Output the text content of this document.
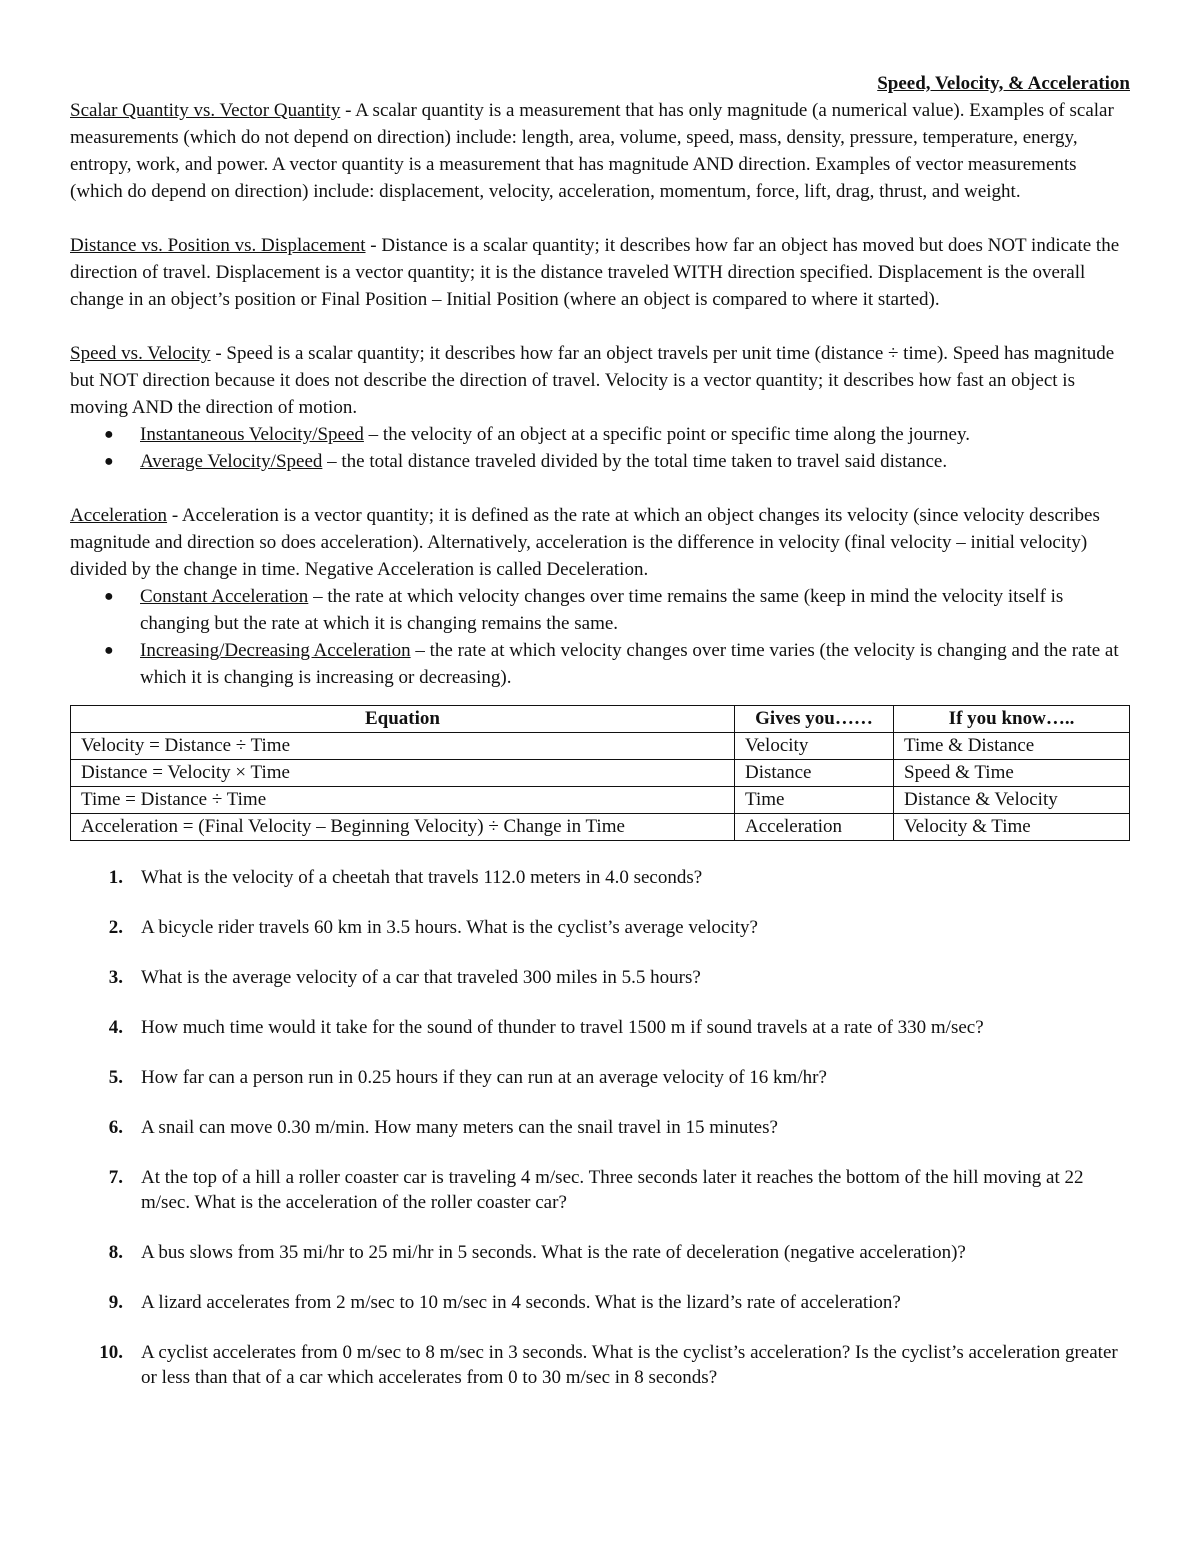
Speed, Velocity, & Acceleration

Scalar Quantity vs. Vector Quantity - A scalar quantity is a measurement that has only magnitude (a numerical value). Examples of scalar measurements (which do not depend on direction) include: length, area, volume, speed, mass, density, pressure, temperature, energy, entropy, work, and power. A vector quantity is a measurement that has magnitude AND direction. Examples of vector measurements (which do depend on direction) include: displacement, velocity, acceleration, momentum, force, lift, drag, thrust, and weight.

Distance vs. Position vs. Displacement - Distance is a scalar quantity; it describes how far an object has moved but does NOT indicate the direction of travel. Displacement is a vector quantity; it is the distance traveled WITH direction specified. Displacement is the overall change in an object’s position or Final Position – Initial Position (where an object is compared to where it started).

Speed vs. Velocity - Speed is a scalar quantity; it describes how far an object travels per unit time (distance ÷ time). Speed has magnitude but NOT direction because it does not describe the direction of travel. Velocity is a vector quantity; it describes how fast an object is moving AND the direction of motion.

● Instantaneous Velocity/Speed – the velocity of an object at a specific point or specific time along the journey.
● Average Velocity/Speed – the total distance traveled divided by the total time taken to travel said distance.

Acceleration - Acceleration is a vector quantity; it is defined as the rate at which an object changes its velocity (since velocity describes magnitude and direction so does acceleration). Alternatively, acceleration is the difference in velocity (final velocity – initial velocity) divided by the change in time. Negative Acceleration is called Deceleration.

● Constant Acceleration – the rate at which velocity changes over time remains the same (keep in mind the velocity itself is changing but the rate at which it is changing remains the same.
● Increasing/Decreasing Acceleration – the rate at which velocity changes over time varies (the velocity is changing and the rate at which it is changing is increasing or decreasing).
Equation	Gives you……	If you know…..
Velocity = Distance ÷ Time	Velocity	Time & Distance
Distance = Velocity × Time	Distance	Speed & Time
Time = Distance ÷ Time	Time	Distance & Velocity
Acceleration = (Final Velocity – Beginning Velocity) ÷ Change in Time	Acceleration	Velocity & Time
1. What is the velocity of a cheetah that travels 112.0 meters in 4.0 seconds?
2. A bicycle rider travels 60 km in 3.5 hours. What is the cyclist’s average velocity?
3. What is the average velocity of a car that traveled 300 miles in 5.5 hours?
4. How much time would it take for the sound of thunder to travel 1500 m if sound travels at a rate of 330 m/sec?
5. How far can a person run in 0.25 hours if they can run at an average velocity of 16 km/hr?
6. A snail can move 0.30 m/min. How many meters can the snail travel in 15 minutes?
7. At the top of a hill a roller coaster car is traveling 4 m/sec. Three seconds later it reaches the bottom of the hill moving at 22 m/sec. What is the acceleration of the roller coaster car?
8. A bus slows from 35 mi/hr to 25 mi/hr in 5 seconds. What is the rate of deceleration (negative acceleration)?
9. A lizard accelerates from 2 m/sec to 10 m/sec in 4 seconds. What is the lizard’s rate of acceleration?
10. A cyclist accelerates from 0 m/sec to 8 m/sec in 3 seconds. What is the cyclist’s acceleration? Is the cyclist’s acceleration greater or less than that of a car which accelerates from 0 to 30 m/sec in 8 seconds?
